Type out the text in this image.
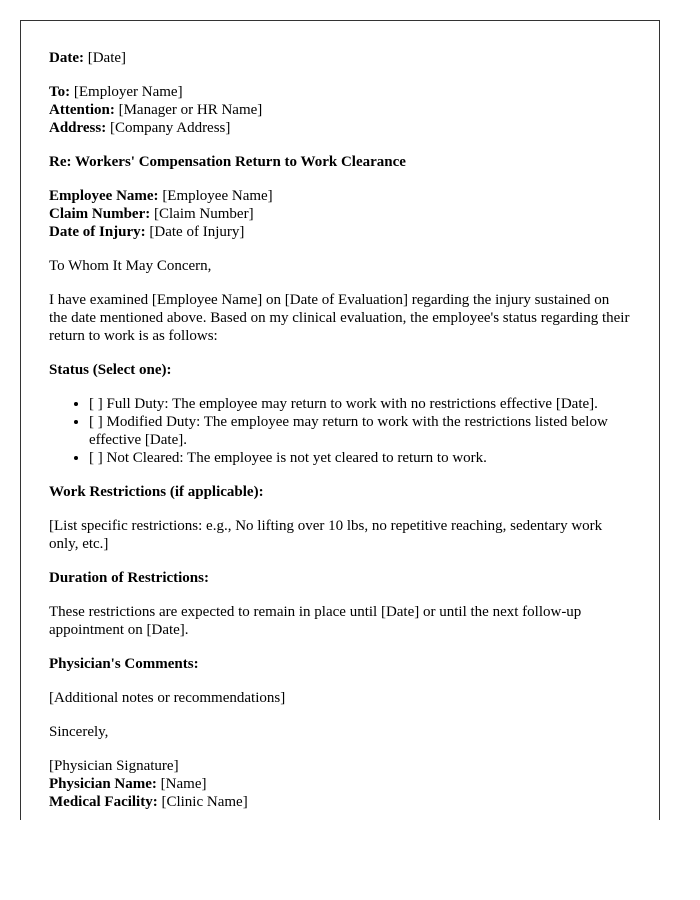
Date: [Date]

To: [Employer Name]
Attention: [Manager or HR Name]
Address: [Company Address]

Re: Workers' Compensation Return to Work Clearance

Employee Name: [Employee Name]
Claim Number: [Claim Number]
Date of Injury: [Date of Injury]

To Whom It May Concern,

I have examined [Employee Name] on [Date of Evaluation] regarding the injury sustained on the date mentioned above. Based on my clinical evaluation, the employee's status regarding their return to work is as follows:

Status (Select one):

• [ ] Full Duty: The employee may return to work with no restrictions effective [Date].
• [ ] Modified Duty: The employee may return to work with the restrictions listed below effective [Date].
• [ ] Not Cleared: The employee is not yet cleared to return to work.

Work Restrictions (if applicable):

[List specific restrictions: e.g., No lifting over 10 lbs, no repetitive reaching, sedentary work only, etc.]

Duration of Restrictions:

These restrictions are expected to remain in place until [Date] or until the next follow-up appointment on [Date].

Physician's Comments:

[Additional notes or recommendations]

Sincerely,

[Physician Signature]
Physician Name: [Name]
Medical Facility: [Clinic Name]
